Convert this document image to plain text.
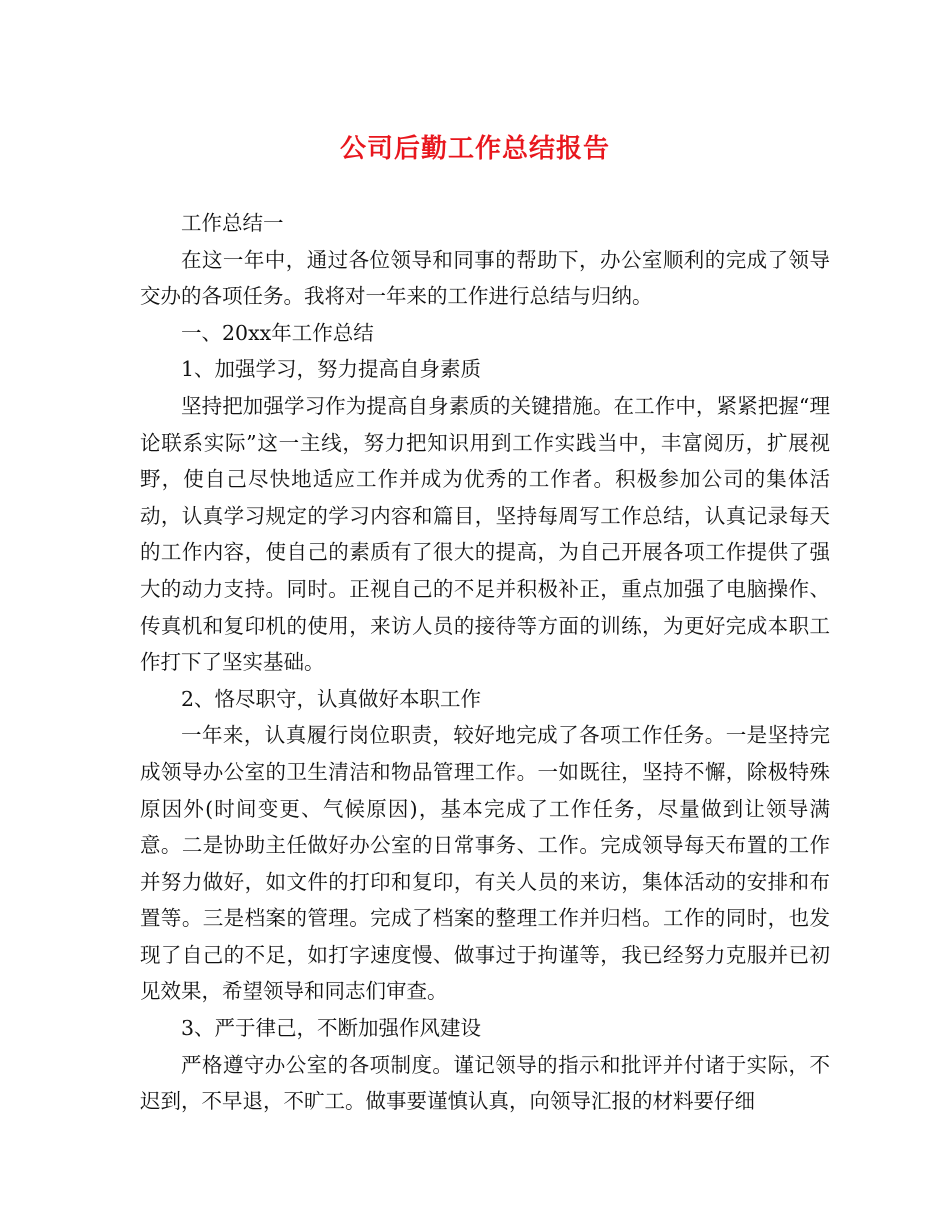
公司后勤工作总结报告

工作总结一

在这一年中，通过各位领导和同事的帮助下，办公室顺利的完成了领导交办的各项任务。我将对一年来的工作进行总结与归纳。

一、20xx年工作总结

1、加强学习，努力提高自身素质

坚持把加强学习作为提高自身素质的关键措施。在工作中，紧紧把握“理论联系实际”这一主线，努力把知识用到工作实践当中，丰富阅历，扩展视野，使自己尽快地适应工作并成为优秀的工作者。积极参加公司的集体活动，认真学习规定的学习内容和篇目，坚持每周写工作总结，认真记录每天的工作内容，使自己的素质有了很大的提高，为自己开展各项工作提供了强大的动力支持。同时。正视自己的不足并积极补正，重点加强了电脑操作、传真机和复印机的使用，来访人员的接待等方面的训练，为更好完成本职工作打下了坚实基础。

2、恪尽职守，认真做好本职工作

一年来，认真履行岗位职责，较好地完成了各项工作任务。一是坚持完成领导办公室的卫生清洁和物品管理工作。一如既往，坚持不懈，除极特殊原因外(时间变更、气候原因)，基本完成了工作任务，尽量做到让领导满意。二是协助主任做好办公室的日常事务、工作。完成领导每天布置的工作并努力做好，如文件的打印和复印，有关人员的来访，集体活动的安排和布置等。三是档案的管理。完成了档案的整理工作并归档。工作的同时，也发现了自己的不足，如打字速度慢、做事过于拘谨等，我已经努力克服并已初见效果，希望领导和同志们审查。

3、严于律己，不断加强作风建设

严格遵守办公室的各项制度。谨记领导的指示和批评并付诸于实际，不迟到，不早退，不旷工。做事要谨慎认真，向领导汇报的材料要仔细
